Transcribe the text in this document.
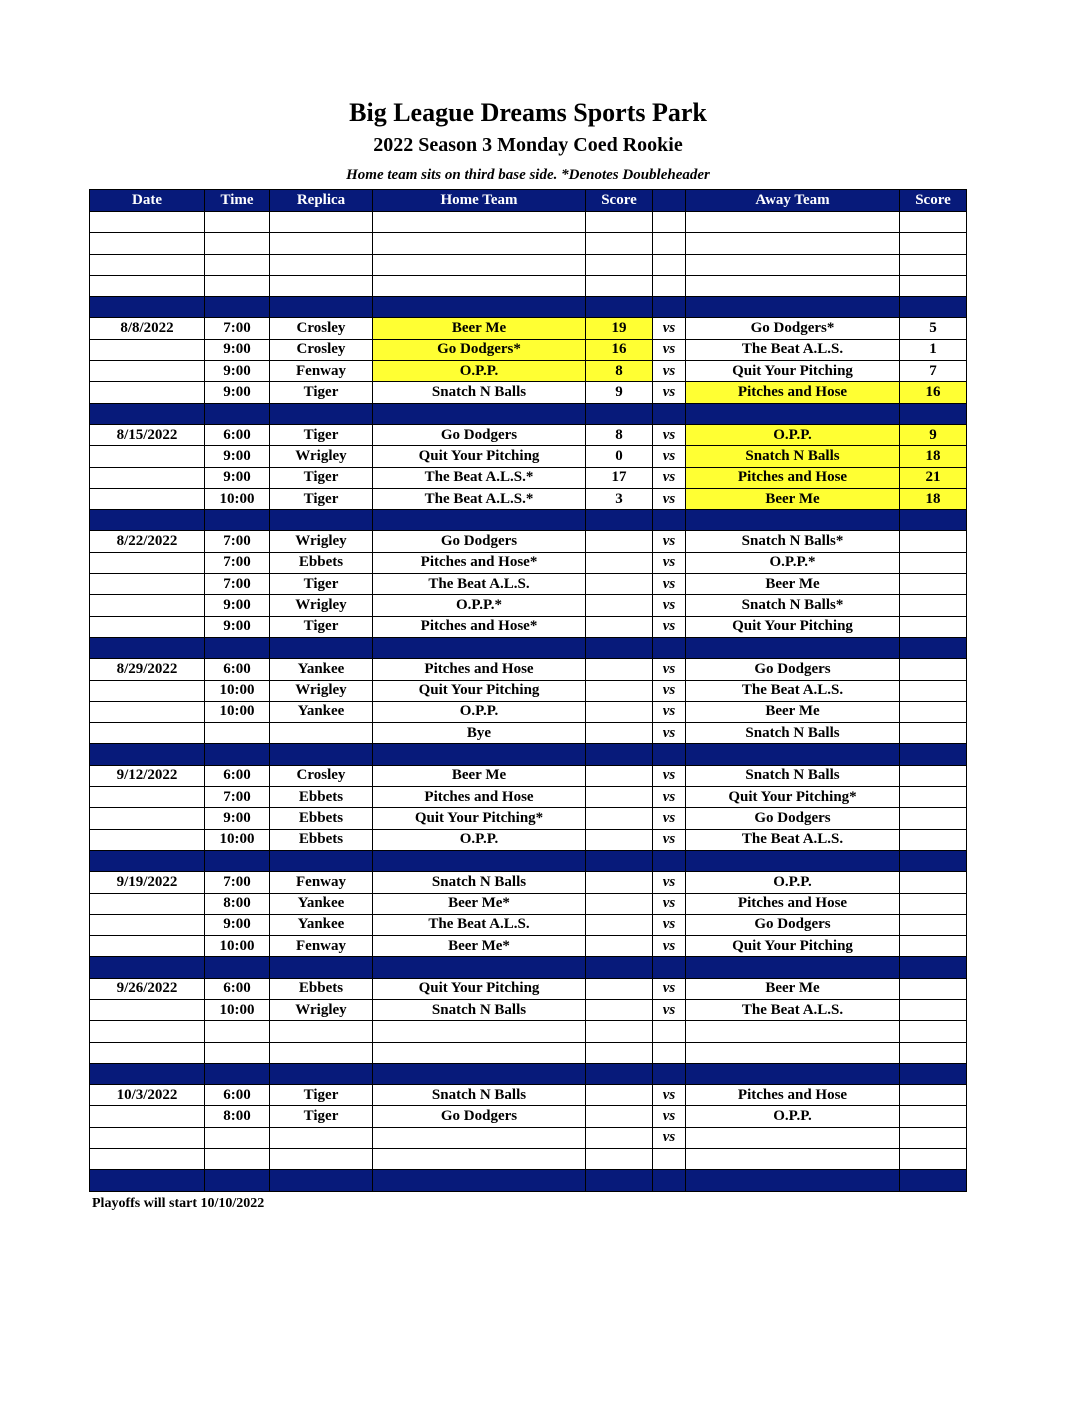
Big League Dreams Sports Park
2022 Season 3 Monday Coed Rookie
Home team sits on third base side. *Denotes Doubleheader
Date	Time	Replica	Home Team	Score		Away Team	Score

8/8/2022	7:00	Crosley	Beer Me	19	vs	Go Dodgers*	5
	9:00	Crosley	Go Dodgers*	16	vs	The Beat A.L.S.	1
	9:00	Fenway	O.P.P.	8	vs	Quit Your Pitching	7
	9:00	Tiger	Snatch N Balls	9	vs	Pitches and Hose	16

8/15/2022	6:00	Tiger	Go Dodgers	8	vs	O.P.P.	9
	9:00	Wrigley	Quit Your Pitching	0	vs	Snatch N Balls	18
	9:00	Tiger	The Beat A.L.S.*	17	vs	Pitches and Hose	21
	10:00	Tiger	The Beat A.L.S.*	3	vs	Beer Me	18

8/22/2022	7:00	Wrigley	Go Dodgers		vs	Snatch N Balls*	
	7:00	Ebbets	Pitches and Hose*		vs	O.P.P.*	
	7:00	Tiger	The Beat A.L.S.		vs	Beer Me	
	9:00	Wrigley	O.P.P.*		vs	Snatch N Balls*	
	9:00	Tiger	Pitches and Hose*		vs	Quit Your Pitching	

8/29/2022	6:00	Yankee	Pitches and Hose		vs	Go Dodgers	
	10:00	Wrigley	Quit Your Pitching		vs	The Beat A.L.S.	
	10:00	Yankee	O.P.P.		vs	Beer Me	
			Bye		vs	Snatch N Balls	

9/12/2022	6:00	Crosley	Beer Me		vs	Snatch N Balls	
	7:00	Ebbets	Pitches and Hose		vs	Quit Your Pitching*	
	9:00	Ebbets	Quit Your Pitching*		vs	Go Dodgers	
	10:00	Ebbets	O.P.P.		vs	The Beat A.L.S.	

9/19/2022	7:00	Fenway	Snatch N Balls		vs	O.P.P.	
	8:00	Yankee	Beer Me*		vs	Pitches and Hose	
	9:00	Yankee	The Beat A.L.S.		vs	Go Dodgers	
	10:00	Fenway	Beer Me*		vs	Quit Your Pitching	

9/26/2022	6:00	Ebbets	Quit Your Pitching		vs	Beer Me	
	10:00	Wrigley	Snatch N Balls		vs	The Beat A.L.S.	

10/3/2022	6:00	Tiger	Snatch N Balls		vs	Pitches and Hose	
	8:00	Tiger	Go Dodgers		vs	O.P.P.	
					vs		

Playoffs will start 10/10/2022
